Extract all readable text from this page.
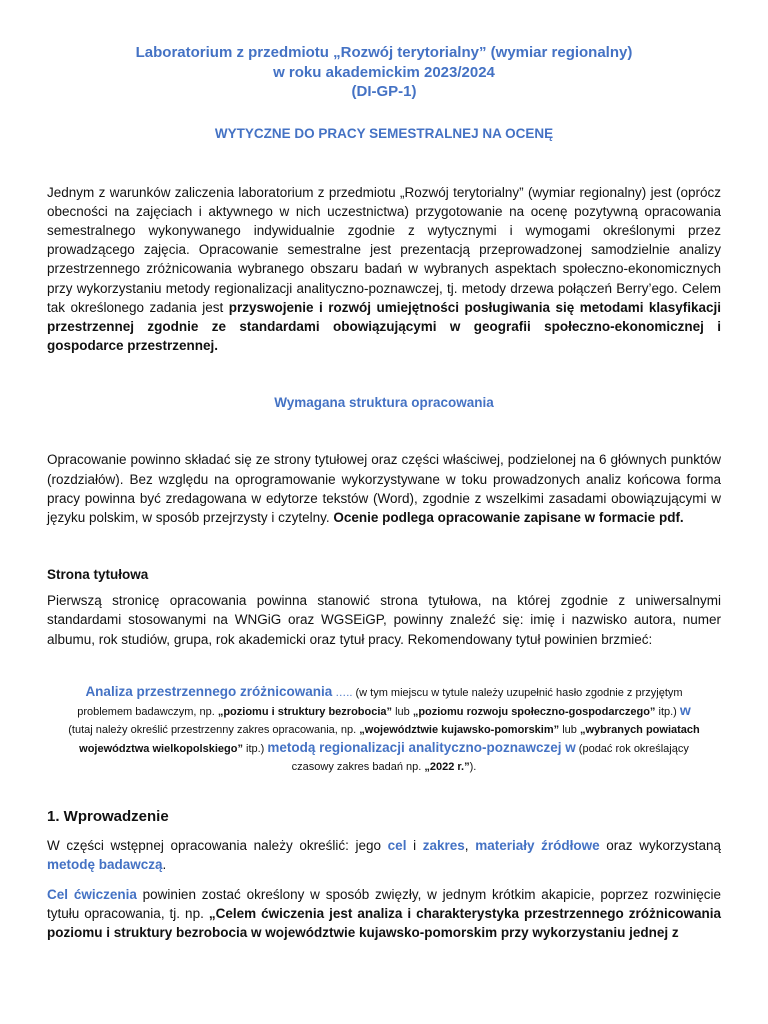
Laboratorium z przedmiotu „Rozwój terytorialny” (wymiar regionalny)
w roku akademickim 2023/2024
(DI-GP-1)
WYTYCZNE DO PRACY SEMESTRALNEJ NA OCENĘ

Jednym z warunków zaliczenia laboratorium z przedmiotu „Rozwój terytorialny” (wymiar regionalny) jest (oprócz obecności na zajęciach i aktywnego w nich uczestnictwa) przygotowanie na ocenę pozytywną opracowania semestralnego wykonywanego indywidualnie zgodnie z wytycznymi i wymogami określonymi przez prowadzącego zajęcia. Opracowanie semestralne jest prezentacją przeprowadzonej samodzielnie analizy przestrzennego zróżnicowania wybranego obszaru badań w wybranych aspektach społeczno-ekonomicznych przy wykorzystaniu metody regionalizacji analityczno-poznawczej, tj. metody drzewa połączeń Berry’ego. Celem tak określonego zadania jest przyswojenie i rozwój umiejętności posługiwania się metodami klasyfikacji przestrzennej zgodnie ze standardami obowiązującymi w geografii społeczno-ekonomicznej i gospodarce przestrzennej.

Wymagana struktura opracowania

Opracowanie powinno składać się ze strony tytułowej oraz części właściwej, podzielonej na 6 głównych punktów (rozdziałów). Bez względu na oprogramowanie wykorzystywane w toku prowadzonych analiz końcowa forma pracy powinna być zredagowana w edytorze tekstów (Word), zgodnie z wszelkimi zasadami obowiązującymi w języku polskim, w sposób przejrzysty i czytelny. Ocenie podlega opracowanie zapisane w formacie pdf.

Strona tytułowa

Pierwszą stronicę opracowania powinna stanowić strona tytułowa, na której zgodnie z uniwersalnymi standardami stosowanymi na WNGiG oraz WGSEiGP, powinny znaleźć się: imię i nazwisko autora, numer albumu, rok studiów, grupa, rok akademicki oraz tytuł pracy. Rekomendowany tytuł powinien brzmieć:

Analiza przestrzennego zróżnicowania ….. (w tym miejscu w tytule należy uzupełnić hasło zgodnie z przyjętym problemem badawczym, np. „poziomu i struktury bezrobocia” lub „poziomu rozwoju społeczno-gospodarczego” itp.) w (tutaj należy określić przestrzenny zakres opracowania, np. „województwie kujawsko-pomorskim” lub „wybranych powiatach województwa wielkopolskiego” itp.) metodą regionalizacji analityczno-poznawczej w (podać rok określający czasowy zakres badań np. „2022 r.”).
1. Wprowadzenie

W części wstępnej opracowania należy określić: jego cel i zakres, materiały źródłowe oraz wykorzystaną metodę badawczą.

Cel ćwiczenia powinien zostać określony w sposób zwięzły, w jednym krótkim akapicie, poprzez rozwinięcie tytułu opracowania, tj. np. „Celem ćwiczenia jest analiza i charakterystyka przestrzennego zróżnicowania poziomu i struktury bezrobocia w województwie kujawsko-pomorskim przy wykorzystaniu jednej z
